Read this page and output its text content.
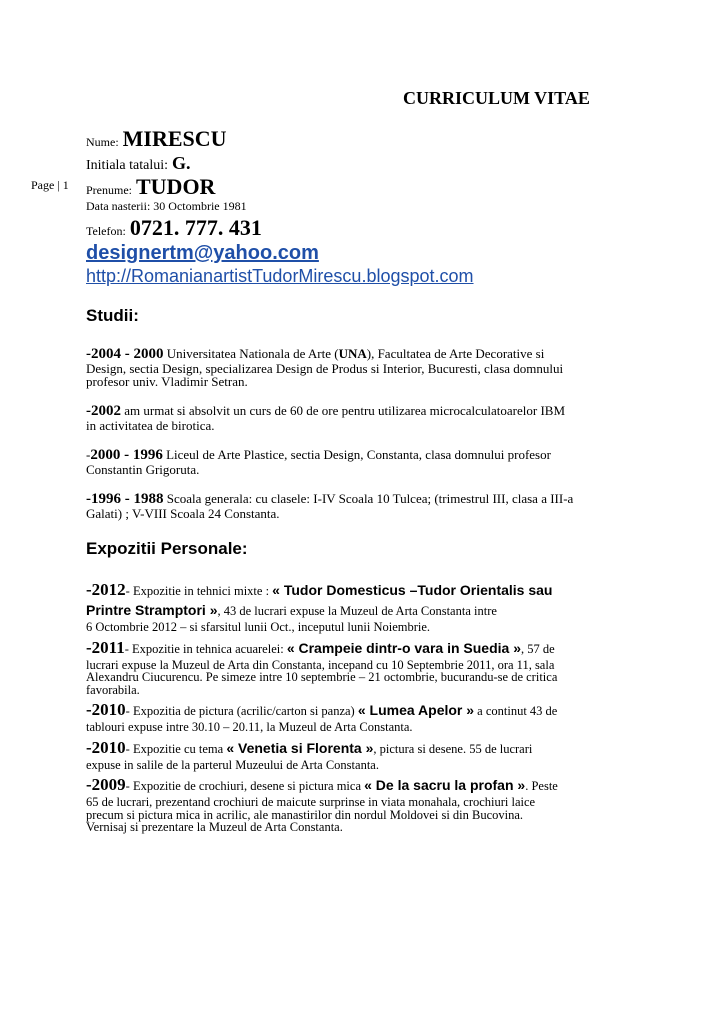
CURRICULUM VITAE
Page | 1
Nume: MIRESCU
Initiala tatalui: G.
Prenume: TUDOR
Data nasterii: 30 Octombrie 1981
Telefon: 0721. 777. 431
designertm@yahoo.com
http://RomanianartistTudorMirescu.blogspot.com
Studii:
-2004 - 2000 Universitatea Nationala de Arte (UNA), Facultatea de Arte Decorative si
Design, sectia Design, specializarea Design de Produs si Interior, Bucuresti, clasa domnului
profesor univ. Vladimir Setran.
-2002 am urmat si absolvit un curs de 60 de ore pentru utilizarea microcalculatoarelor IBM
in activitatea de birotica.
-2000 - 1996 Liceul de Arte Plastice, sectia Design, Constanta, clasa domnului profesor
Constantin Grigoruta.
-1996 - 1988 Scoala generala: cu clasele: I-IV Scoala 10 Tulcea; (trimestrul III, clasa a III-a
Galati) ; V-VIII Scoala 24 Constanta.
Expozitii Personale:
-2012- Expozitie in tehnici mixte : « Tudor Domesticus –Tudor Orientalis sau
Printre Stramptori », 43 de lucrari expuse la Muzeul de Arta Constanta intre
6 Octombrie 2012 – si sfarsitul lunii Oct., inceputul lunii Noiembrie.
-2011- Expozitie in tehnica acuarelei: « Crampeie dintr-o vara in Suedia », 57 de
lucrari expuse la Muzeul de Arta din Constanta, incepand cu 10 Septembrie 2011, ora 11, sala
Alexandru Ciucurencu. Pe simeze intre 10 septembrie – 21 octombrie, bucurandu-se de critica
favorabila.
-2010- Expozitia de pictura (acrilic/carton si panza) « Lumea Apelor » a continut 43 de
tablouri expuse intre 30.10 – 20.11, la Muzeul de Arta Constanta.
-2010- Expozitie cu tema « Venetia si Florenta », pictura si desene. 55 de lucrari
expuse in salile de la parterul Muzeului de Arta Constanta.
-2009- Expozitie de crochiuri, desene si pictura mica « De la sacru la profan ». Peste
65 de lucrari, prezentand crochiuri de maicute surprinse in viata monahala, crochiuri laice
precum si pictura mica in acrilic, ale manastirilor din nordul Moldovei si din Bucovina.
Vernisaj si prezentare la Muzeul de Arta Constanta.
